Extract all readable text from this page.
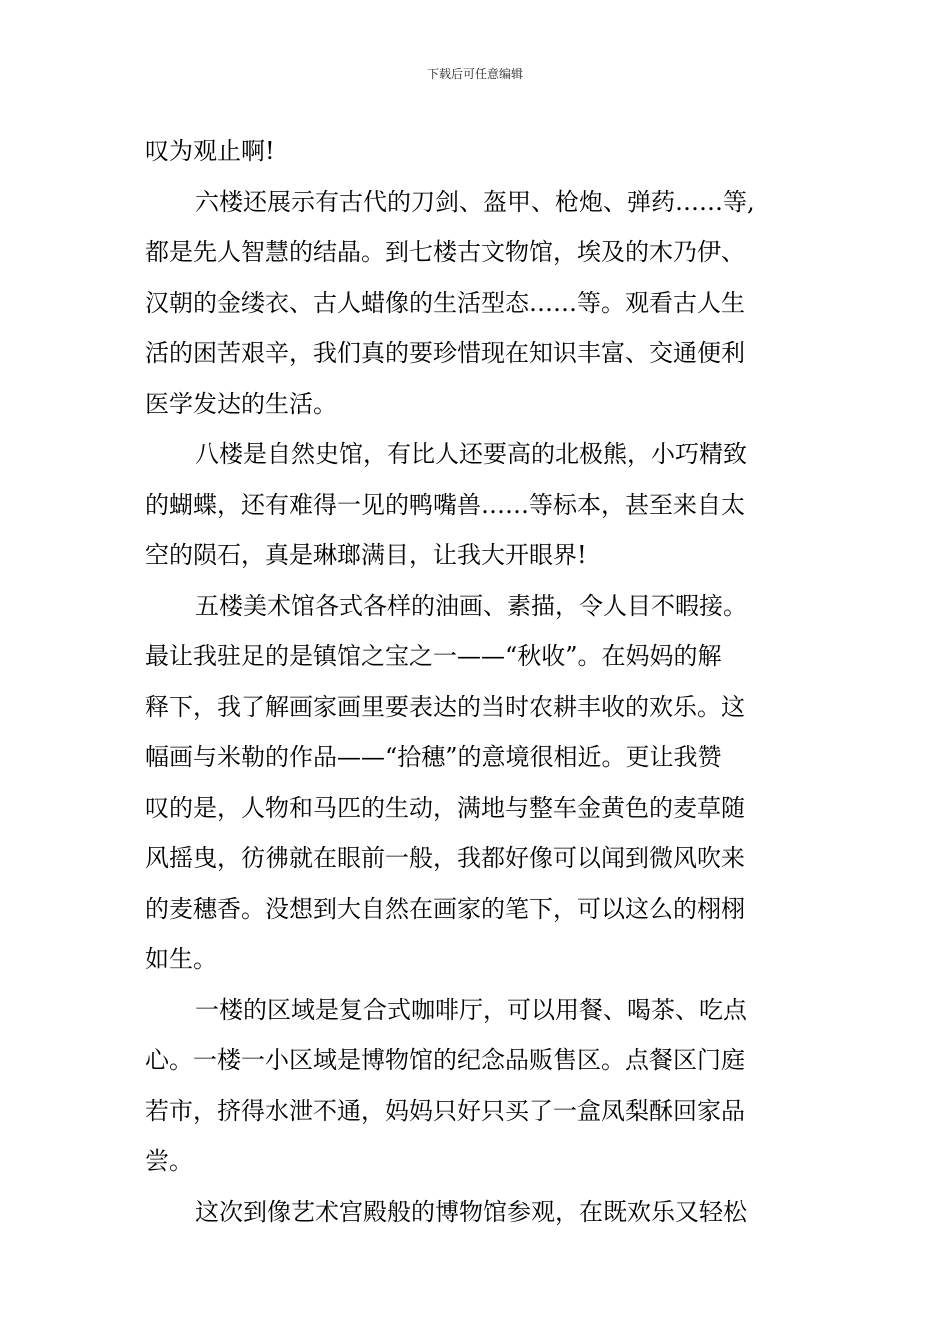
下载后可任意编辑
叹为观止啊!
六楼还展示有古代的刀剑、盔甲、枪炮、弹药……等,
都是先人智慧的结晶。到七楼古文物馆，埃及的木乃伊、
汉朝的金缕衣、古人蜡像的生活型态……等。观看古人生
活的困苦艰辛，我们真的要珍惜现在知识丰富、交通便利
医学发达的生活。
八楼是自然史馆，有比人还要高的北极熊，小巧精致
的蝴蝶，还有难得一见的鸭嘴兽……等标本，甚至来自太
空的陨石，真是琳瑯满目，让我大开眼界!
五楼美术馆各式各样的油画、素描，令人目不暇接。
最让我驻足的是镇馆之宝之一——“秋收”。在妈妈的解
释下，我了解画家画里要表达的当时农耕丰收的欢乐。这
幅画与米勒的作品——“拾穗”的意境很相近。更让我赞
叹的是，人物和马匹的生动，满地与整车金黄色的麦草随
风摇曳，彷彿就在眼前一般，我都好像可以闻到微风吹来
的麦穗香。没想到大自然在画家的笔下，可以这么的栩栩
如生。
一楼的区域是复合式咖啡厅，可以用餐、喝茶、吃点
心。一楼一小区域是博物馆的纪念品贩售区。点餐区门庭
若市，挤得水泄不通，妈妈只好只买了一盒凤梨酥回家品
尝。
这次到像艺术宫殿般的博物馆参观，在既欢乐又轻松
